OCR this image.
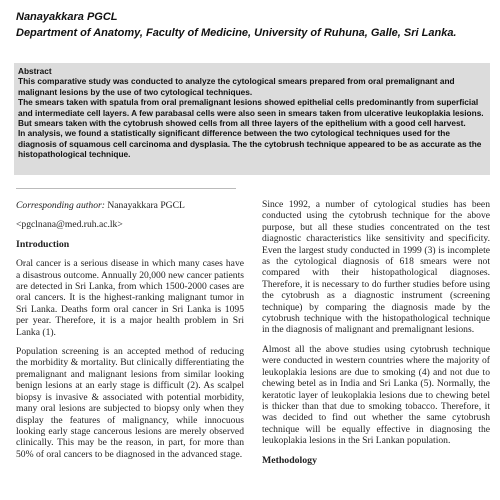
Nanayakkara PGCL
Department of Anatomy, Faculty of Medicine, University of Ruhuna, Galle, Sri Lanka.

Abstract

This comparative study was conducted to analyze the cytological smears prepared from oral premalignant and malignant lesions by the use of two cytological techniques.

The smears taken with spatula from oral premalignant lesions showed epithelial cells predominantly from superficial and intermediate cell layers. A few parabasal cells were also seen in smears taken from ulcerative leukoplakia lesions. But smears taken with the cytobrush showed cells from all three layers of the epithelium with a good cell harvest.

In analysis, we found a statistically significant difference between the two cytological techniques used for the diagnosis of squamous cell carcinoma and dysplasia. The the cytobrush technique appeared to be as accurate as the histopathological technique.

Corresponding author: Nanayakkara PGCL

<pgclnana@med.ruh.ac.lk>

Introduction

Oral cancer is a serious disease in which many cases have a disastrous outcome. Annually 20,000 new cancer patients are detected in Sri Lanka, from which 1500-2000 cases are oral cancers. It is the highest-ranking malignant tumor in Sri Lanka. Deaths form oral cancer in Sri Lanka is 1095 per year. Therefore, it is a major health problem in Sri Lanka (1).

Population screening is an accepted method of reducing the morbidity & mortality. But clinically differentiating the premalignant and malignant lesions from similar looking benign lesions at an early stage is difficult (2). As scalpel biopsy is invasive & associated with potential morbidity, many oral lesions are subjected to biopsy only when they display the features of malignancy, while innocuous looking early stage cancerous lesions are merely observed clinically. This may be the reason, in part, for more than 50% of oral cancers to be diagnosed in the advanced stage.

Since 1992, a number of cytological studies has been conducted using the cytobrush technique for the above purpose, but all these studies concentrated on the test diagnostic characteristics like sensitivity and specificity. Even the largest study conducted in 1999 (3) is incomplete as the cytological diagnosis of 618 smears were not compared with their histopathological diagnoses. Therefore, it is necessary to do further studies before using the cytobrush as a diagnostic instrument (screening technique) by comparing the diagnosis made by the cytobrush technique with the histopathological technique in the diagnosis of malignant and premalignant lesions.

Almost all the above studies using cytobrush technique were conducted in western countries where the majority of leukoplakia lesions are due to smoking (4) and not due to chewing betel as in India and Sri Lanka (5). Normally, the keratotic layer of leukoplakia lesions due to chewing betel is thicker than that due to smoking tobacco. Therefore, it was decided to find out whether the same cytobrush technique will be equally effective in diagnosing the leukoplakia lesions in the Sri Lankan population.

Methodology
